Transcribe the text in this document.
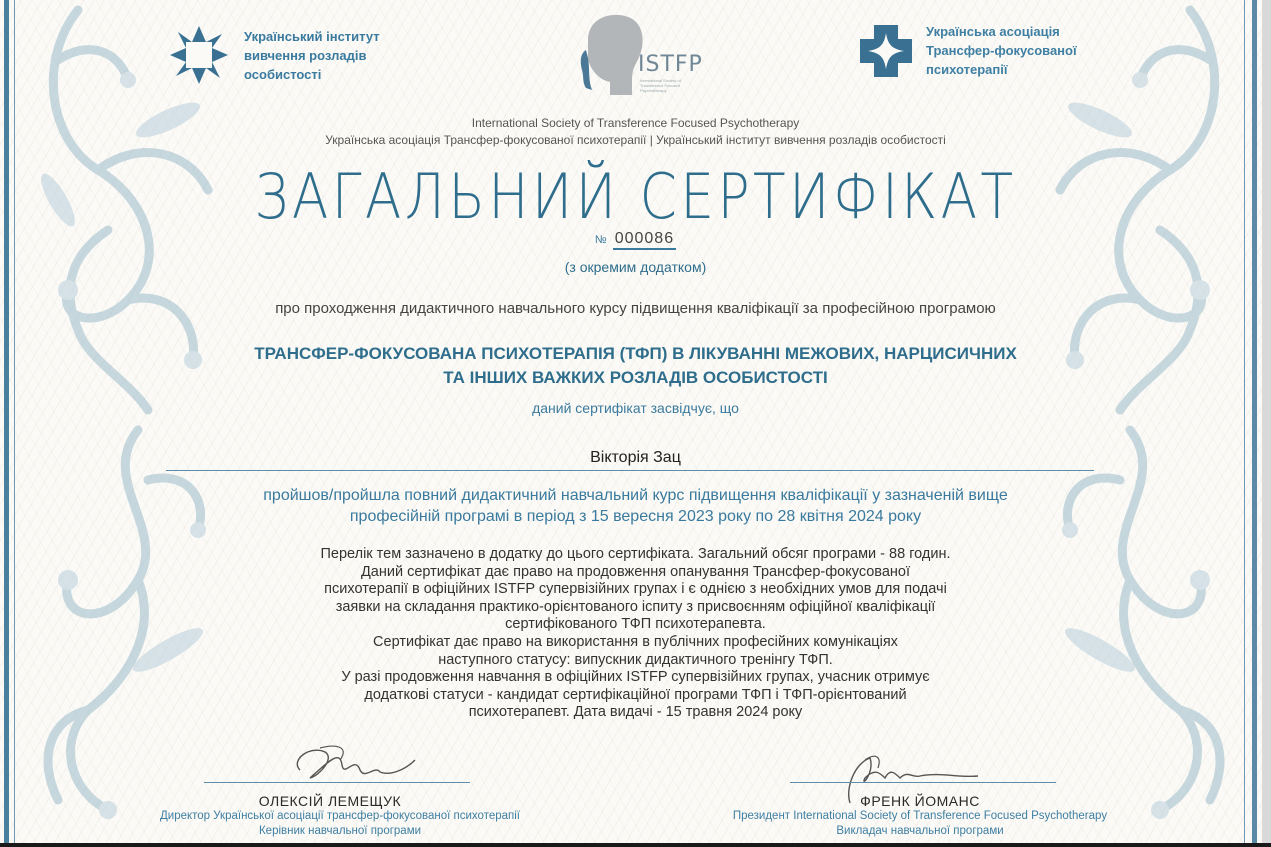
Український інститут
вивчення розладів
особистості	ISTFP
International Society of Transference Focused Psychotherapy
Українська асоціація
Трансфер-фокусованої
психотерапії
International Society of Transference Focused Psychotherapy
Українська асоціація Трансфер-фокусованої психотерапії | Український інститут вивчення розладів особистості
ЗАГАЛЬНИЙ СЕРТИФІКАТ
№ 000086
(з окремим додатком)
про проходження дидактичного навчального курсу підвищення кваліфікації за професійною програмою
ТРАНСФЕР-ФОКУСОВАНА ПСИХОТЕРАПІЯ (ТФП) В ЛІКУВАННІ МЕЖОВИХ, НАРЦИСИЧНИХ
ТА ІНШИХ ВАЖКИХ РОЗЛАДІВ ОСОБИСТОСТІ
даний сертифікат засвідчує, що
Вікторія Зац
пройшов/пройшла повний дидактичний навчальний курс підвищення кваліфікації у зазначеній вище
професійній програмі в період з 15 вересня 2023 року по 28 квітня 2024 року
Перелік тем зазначено в додатку до цього сертифіката. Загальний обсяг програми - 88 годин.
Даний сертифікат дає право на продовження опанування Трансфер-фокусованої
психотерапії в офіційних ISTFP супервізійних групах і є однією з необхідних умов для подачі
заявки на складання практико-орієнтованого іспиту з присвоєнням офіційної кваліфікації
сертифікованого ТФП психотерапевта.
Сертифікат дає право на використання в публічних професійних комунікаціях
наступного статусу: випускник дидактичного тренінгу ТФП.
У разі продовження навчання в офіційних ISTFP супервізійних групах, учасник отримує
додаткові статуси - кандидат сертифікаційної програми ТФП і ТФП-орієнтований
психотерапевт. Дата видачі - 15 травня 2024 року
ОЛЕКСІЙ ЛЕМЕЩУК
Директор Української асоціації трансфер-фокусованої психотерапії
Керівник навчальної програми
ФРЕНК ЙОМАНС
Президент International Society of Transference Focused Psychotherapy
Викладач навчальної програми
